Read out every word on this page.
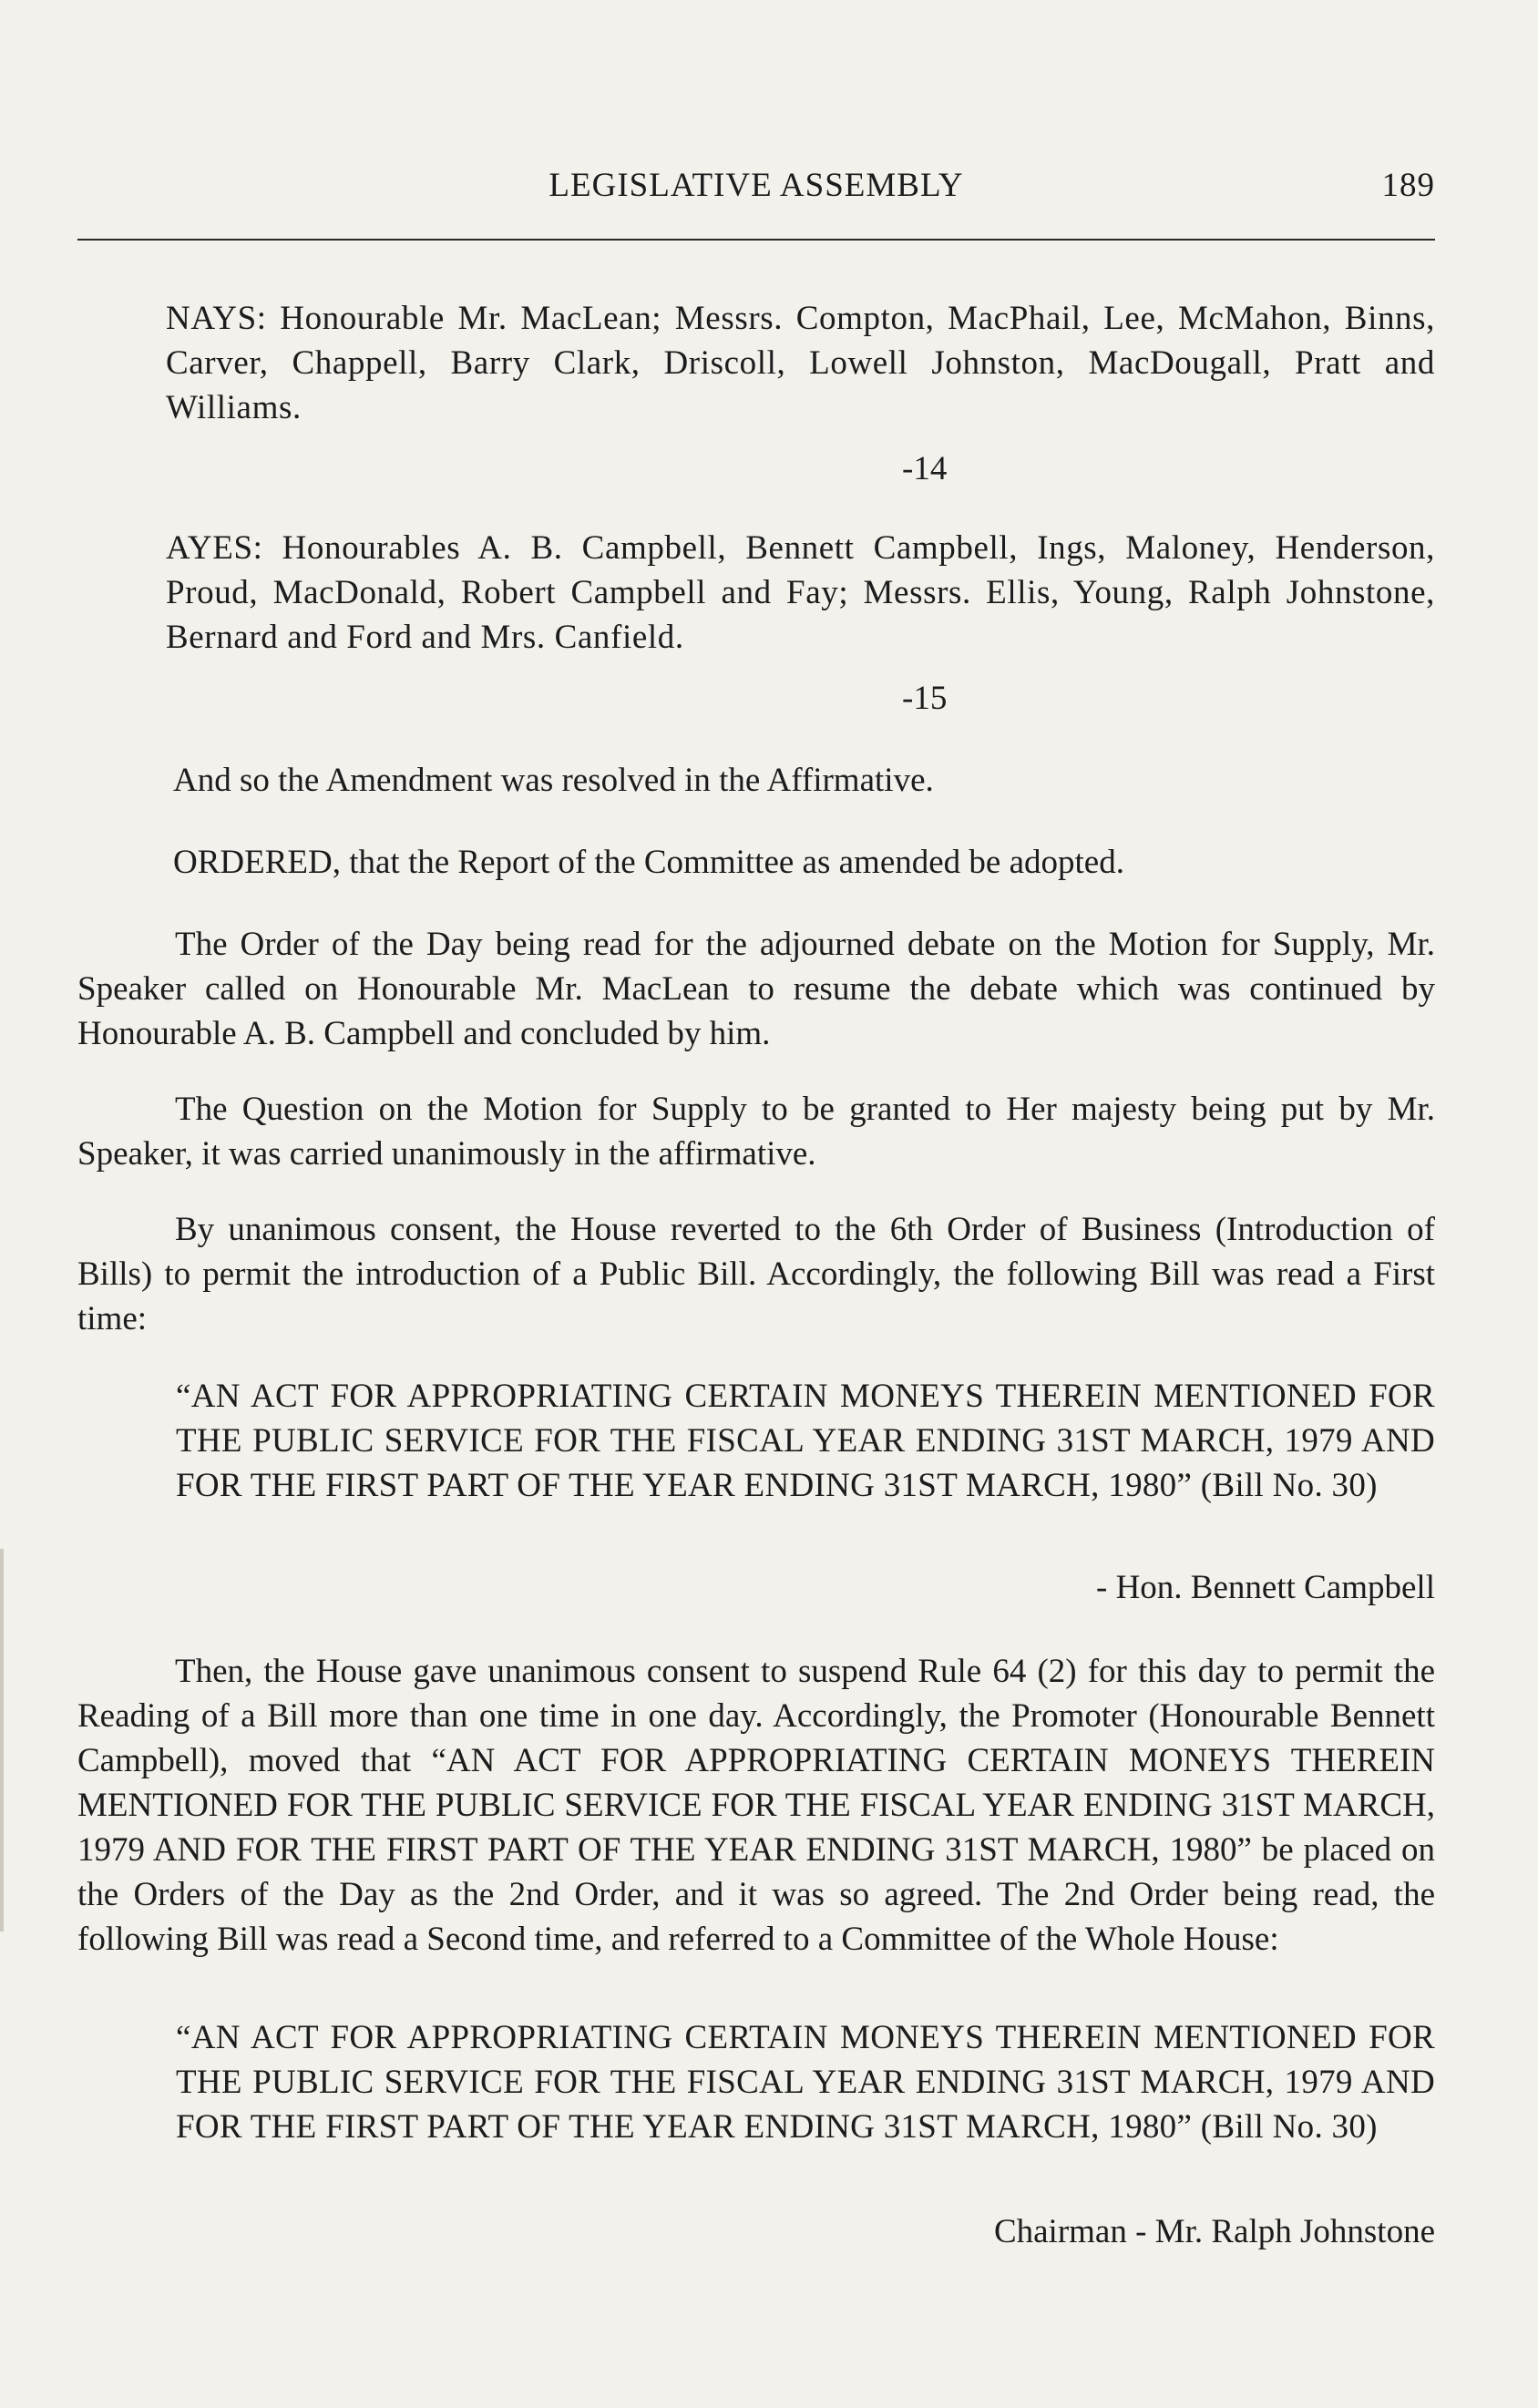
LEGISLATIVE ASSEMBLY	189
NAYS: Honourable Mr. MacLean; Messrs. Compton, MacPhail, Lee, McMahon, Binns, Carver, Chappell, Barry Clark, Driscoll, Lowell Johnston, MacDougall, Pratt and Williams.
-14
AYES: Honourables A. B. Campbell, Bennett Campbell, Ings, Maloney, Henderson, Proud, MacDonald, Robert Campbell and Fay; Messrs. Ellis, Young, Ralph Johnstone, Bernard and Ford and Mrs. Canfield.
-15
And so the Amendment was resolved in the Affirmative.
ORDERED, that the Report of the Committee as amended be adopted.
The Order of the Day being read for the adjourned debate on the Motion for Supply, Mr. Speaker called on Honourable Mr. MacLean to resume the debate which was continued by Honourable A. B. Campbell and concluded by him.
The Question on the Motion for Supply to be granted to Her majesty being put by Mr. Speaker, it was carried unanimously in the affirmative.
By unanimous consent, the House reverted to the 6th Order of Business (Introduction of Bills) to permit the introduction of a Public Bill. Accordingly, the following Bill was read a First time:
“AN ACT FOR APPROPRIATING CERTAIN MONEYS THEREIN MENTIONED FOR THE PUBLIC SERVICE FOR THE FISCAL YEAR ENDING 31ST MARCH, 1979 AND FOR THE FIRST PART OF THE YEAR ENDING 31ST MARCH, 1980” (Bill No. 30)
- Hon. Bennett Campbell
Then, the House gave unanimous consent to suspend Rule 64 (2) for this day to permit the Reading of a Bill more than one time in one day. Accordingly, the Promoter (Honourable Bennett Campbell), moved that “AN ACT FOR APPROPRIATING CERTAIN MONEYS THEREIN MENTIONED FOR THE PUBLIC SERVICE FOR THE FISCAL YEAR ENDING 31ST MARCH, 1979 AND FOR THE FIRST PART OF THE YEAR ENDING 31ST MARCH, 1980” be placed on the Orders of the Day as the 2nd Order, and it was so agreed. The 2nd Order being read, the following Bill was read a Second time, and referred to a Committee of the Whole House:
“AN ACT FOR APPROPRIATING CERTAIN MONEYS THEREIN MENTIONED FOR THE PUBLIC SERVICE FOR THE FISCAL YEAR ENDING 31ST MARCH, 1979 AND FOR THE FIRST PART OF THE YEAR ENDING 31ST MARCH, 1980” (Bill No. 30)
Chairman - Mr. Ralph Johnstone
